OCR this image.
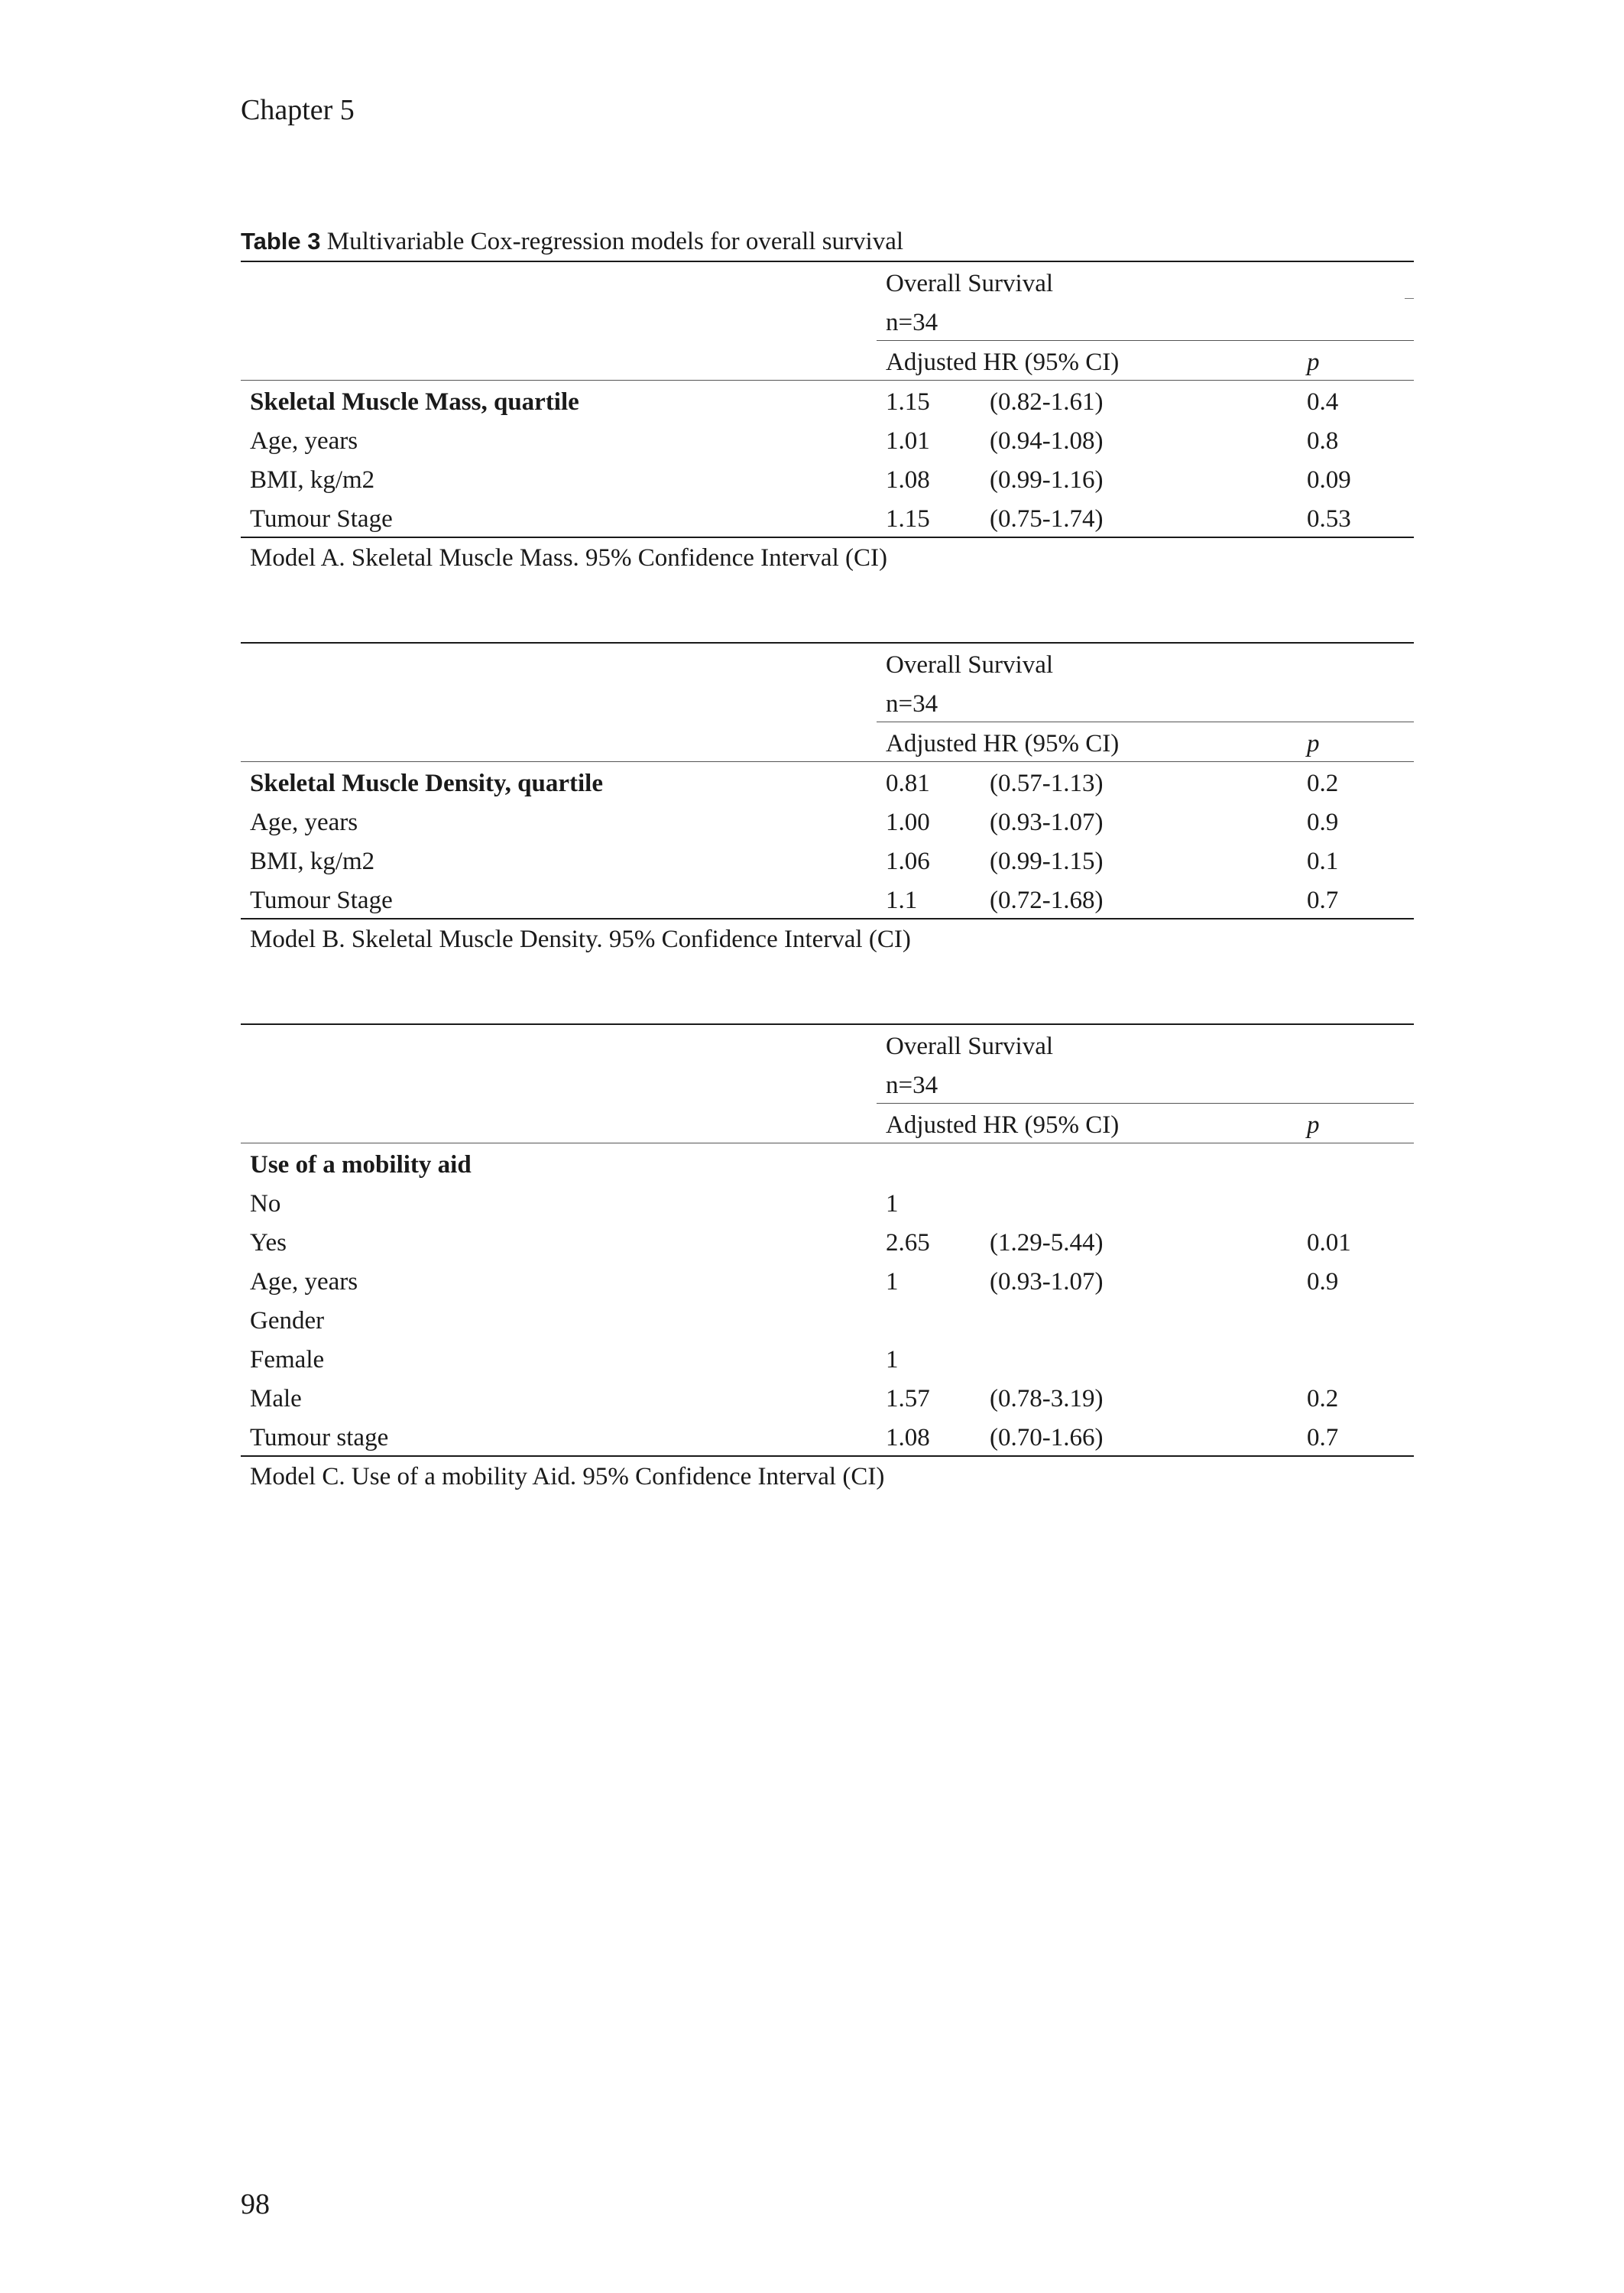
Chapter 5
Table 3 Multivariable Cox-regression models for overall survival
Overall Survival
n=34
Adjusted HR (95% CI)	p
Skeletal Muscle Mass, quartile	1.15 (0.82-1.61)	0.4
Age, years	1.01 (0.94-1.08)	0.8
BMI, kg/m2	1.08 (0.99-1.16)	0.09
Tumour Stage	1.15 (0.75-1.74)	0.53
Model A. Skeletal Muscle Mass. 95% Confidence Interval (CI)
Overall Survival
n=34
Adjusted HR (95% CI)	p
Skeletal Muscle Density, quartile	0.81 (0.57-1.13)	0.2
Age, years	1.00 (0.93-1.07)	0.9
BMI, kg/m2	1.06 (0.99-1.15)	0.1
Tumour Stage	1.1	(0.72-1.68)	0.7
Model B. Skeletal Muscle Density. 95% Confidence Interval (CI)
Overall Survival
n=34
Adjusted HR (95% CI)	p
Use of a mobility aid
No	1
Yes	2.65 (1.29-5.44)	0.01
Age, years	1	(0.93-1.07)	0.9
Gender
Female	1
Male	1.57 (0.78-3.19)	0.2
Tumour stage	1.08 (0.70-1.66)	0.7
Model C. Use of a mobility Aid. 95% Confidence Interval (CI)
98
